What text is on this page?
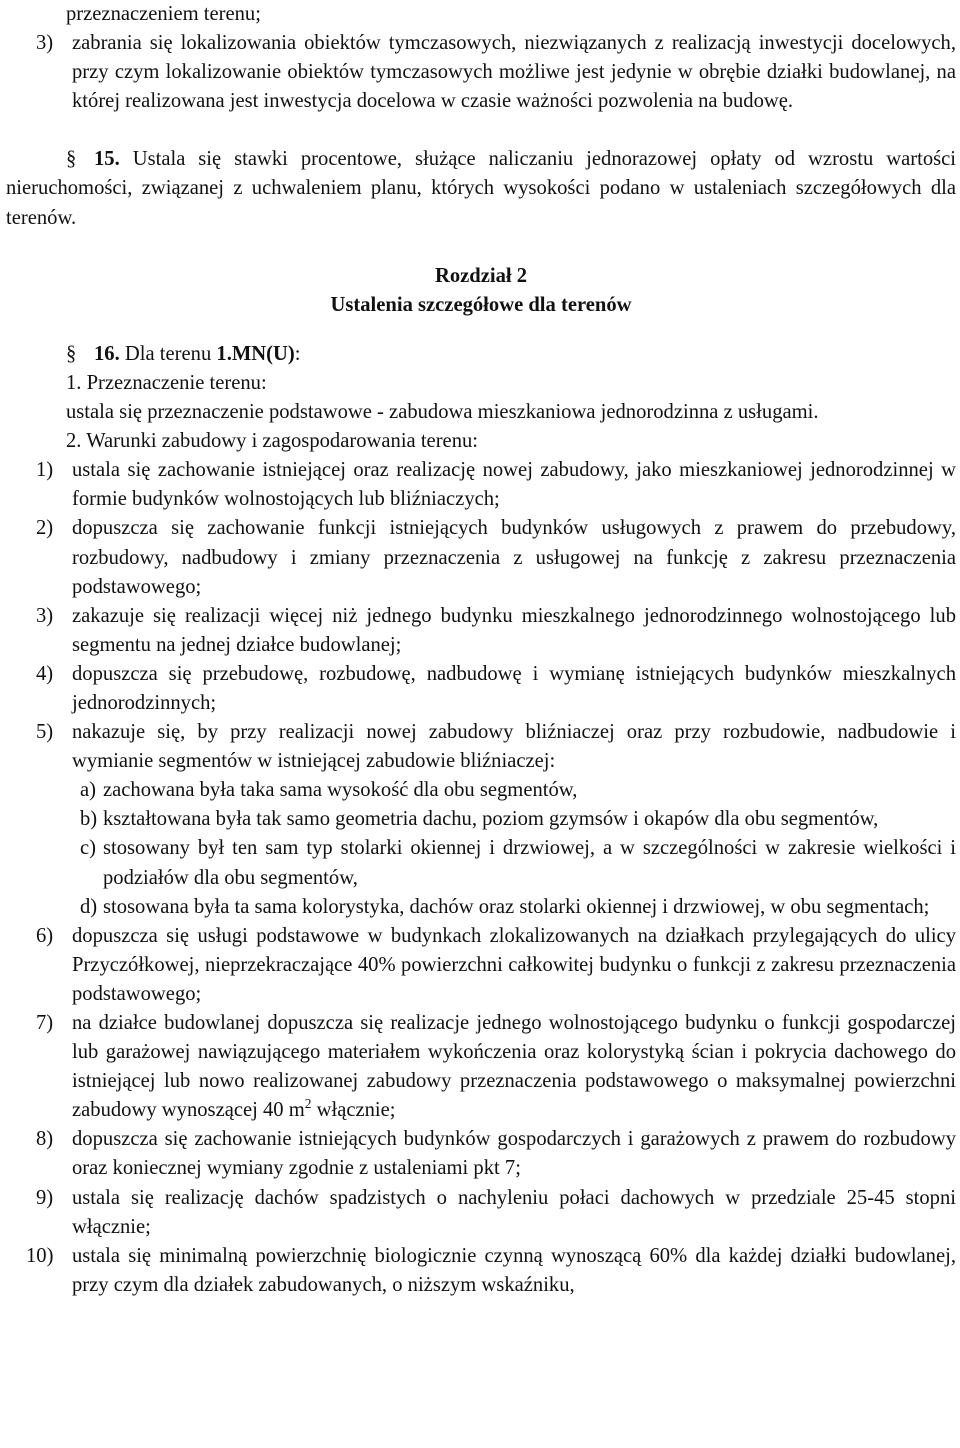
przeznaczeniem terenu;

3) zabrania się lokalizowania obiektów tymczasowych, niezwiązanych z realizacją inwestycji docelowych, przy czym lokalizowanie obiektów tymczasowych możliwe jest jedynie w obrębie działki budowlanej, na której realizowana jest inwestycja docelowa w czasie ważności pozwolenia na budowę.

§ 15. Ustala się stawki procentowe, służące naliczaniu jednorazowej opłaty od wzrostu wartości nieruchomości, związanej z uchwaleniem planu, których wysokości podano w ustaleniach szczegółowych dla terenów.

Rozdział 2

Ustalenia szczegółowe dla terenów

§ 16. Dla terenu 1.MN(U):

1. Przeznaczenie terenu:

ustala się przeznaczenie podstawowe - zabudowa mieszkaniowa jednorodzinna z usługami.

2. Warunki zabudowy i zagospodarowania terenu:

1) ustala się zachowanie istniejącej oraz realizację nowej zabudowy, jako mieszkaniowej jednorodzinnej w formie budynków wolnostojących lub bliźniaczych;
2) dopuszcza się zachowanie funkcji istniejących budynków usługowych z prawem do przebudowy, rozbudowy, nadbudowy i zmiany przeznaczenia z usługowej na funkcję z zakresu przeznaczenia podstawowego;
3) zakazuje się realizacji więcej niż jednego budynku mieszkalnego jednorodzinnego wolnostojącego lub segmentu na jednej działce budowlanej;
4) dopuszcza się przebudowę, rozbudowę, nadbudowę i wymianę istniejących budynków mieszkalnych jednorodzinnych;
5) nakazuje się, by przy realizacji nowej zabudowy bliźniaczej oraz przy rozbudowie, nadbudowie i wymianie segmentów w istniejącej zabudowie bliźniaczej:
a) zachowana była taka sama wysokość dla obu segmentów,
b) kształtowana była tak samo geometria dachu, poziom gzymsów i okapów dla obu segmentów,
c) stosowany był ten sam typ stolarki okiennej i drzwiowej, a w szczególności w zakresie wielkości i podziałów dla obu segmentów,
d) stosowana była ta sama kolorystyka, dachów oraz stolarki okiennej i drzwiowej, w obu segmentach;
6) dopuszcza się usługi podstawowe w budynkach zlokalizowanych na działkach przylegających do ulicy Przyczółkowej, nieprzekraczające 40% powierzchni całkowitej budynku o funkcji z zakresu przeznaczenia podstawowego;
7) na działce budowlanej dopuszcza się realizacje jednego wolnostojącego budynku o funkcji gospodarczej lub garażowej nawiązującego materiałem wykończenia oraz kolorystyką ścian i pokrycia dachowego do istniejącej lub nowo realizowanej zabudowy przeznaczenia podstawowego o maksymalnej powierzchni zabudowy wynoszącej 40 $m^2$ włącznie;
8) dopuszcza się zachowanie istniejących budynków gospodarczych i garażowych z prawem do rozbudowy oraz koniecznej wymiany zgodnie z ustaleniami pkt 7;
9) ustala się realizację dachów spadzistych o nachyleniu połaci dachowych w przedziale 25-45 stopni włącznie;
10) ustala się minimalną powierzchnię biologicznie czynną wynoszącą 60% dla każdej działki budowlanej, przy czym dla działek zabudowanych, o niższym wskaźniku,
